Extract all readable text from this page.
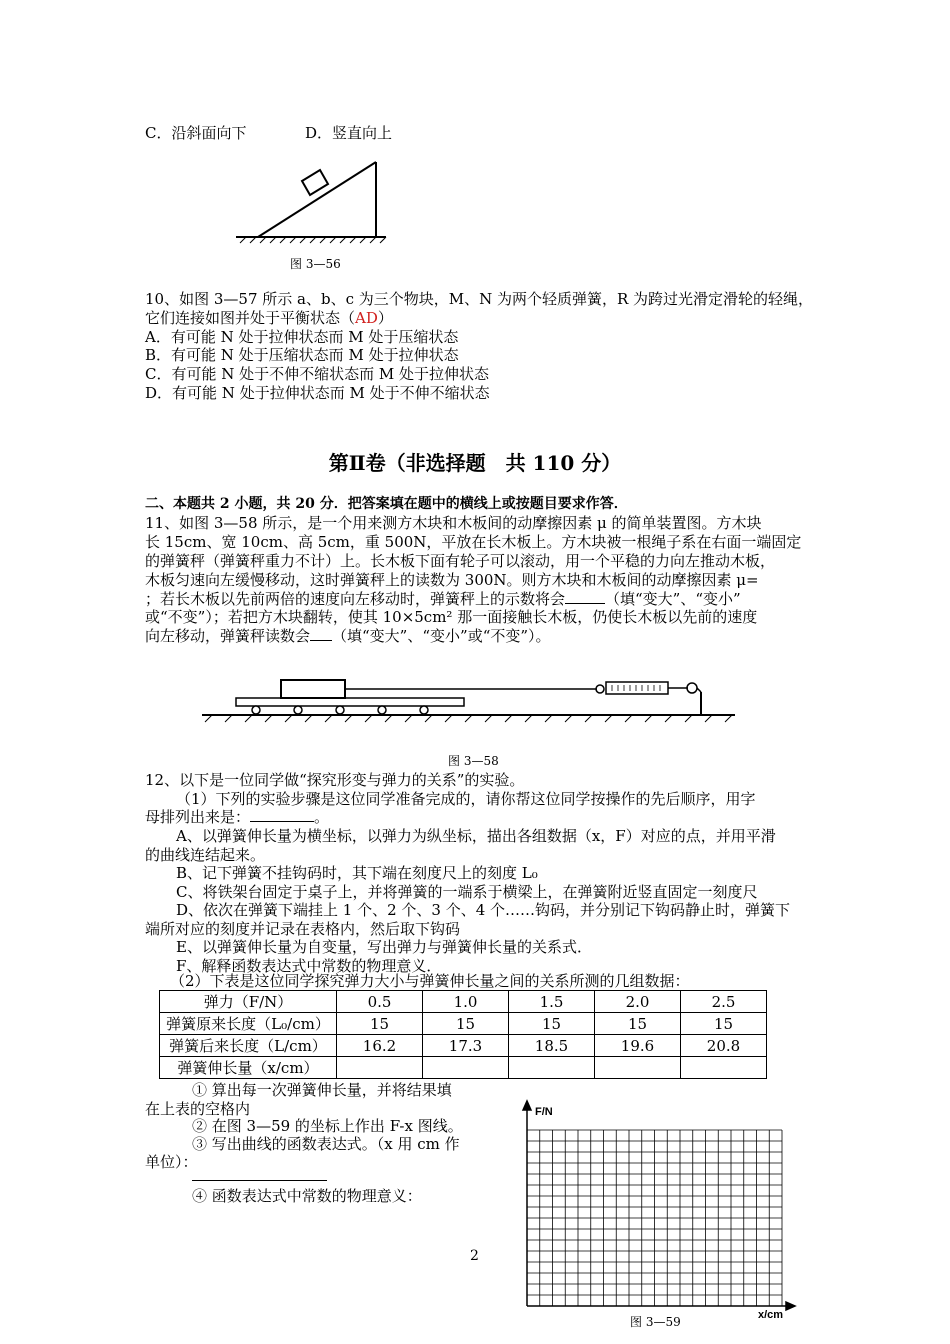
C．沿斜面向下	D．竖直向上
图 3—56
10、如图 3—57 所示 a、b、c 为三个物块，M、N 为两个轻质弹簧，R 为跨过光滑定滑轮的轻绳，
它们连接如图并处于平衡状态（AD）
A．有可能 N 处于拉伸状态而 M 处于压缩状态
B．有可能 N 处于压缩状态而 M 处于拉伸状态
C．有可能 N 处于不伸不缩状态而 M 处于拉伸状态
D．有可能 N 处于拉伸状态而 M 处于不伸不缩状态
第Ⅱ卷（非选择题　共 110 分）
二、本题共 2 小题，共 20 分．把答案填在题中的横线上或按题目要求作答．
11、如图 3—58 所示，是一个用来测方木块和木板间的动摩擦因素 μ 的简单装置图。方木块
长 15cm、宽 10cm、高 5cm，重 500N，平放在长木板上。方木块被一根绳子系在右面一端固定
的弹簧秤（弹簧秤重力不计）上。长木板下面有轮子可以滚动，用一个平稳的力向左推动木板，
木板匀速向左缓慢移动，这时弹簧秤上的读数为 300N。则方木块和木板间的动摩擦因素 μ=
；若长木板以先前两倍的速度向左移动时，弹簧秤上的示数将会	（填“变大”、“变小”
或“不变”）；若把方木块翻转，使其 10×5cm² 那一面接触长木板，仍使长木板以先前的速度
向左移动，弹簧秤读数会 （填“变大”、“变小”或“不变”）。
图 3—58
12、以下是一位同学做“探究形变与弹力的关系”的实验。
（1）下列的实验步骤是这位同学准备完成的，请你帮这位同学按操作的先后顺序，用字
母排列出来是：	。
A、以弹簧伸长量为横坐标，以弹力为纵坐标，描出各组数据（x，F）对应的点，并用平滑
的曲线连结起来。
B、记下弹簧不挂钩码时，其下端在刻度尺上的刻度 L₀
C、将铁架台固定于桌子上，并将弹簧的一端系于横梁上，在弹簧附近竖直固定一刻度尺
D、依次在弹簧下端挂上 1 个、2 个、3 个、4 个……钩码，并分别记下钩码静止时，弹簧下
端所对应的刻度并记录在表格内，然后取下钩码
E、以弹簧伸长量为自变量，写出弹力与弹簧伸长量的关系式．
F、解释函数表达式中常数的物理意义．
（2）下表是这位同学探究弹力大小与弹簧伸长量之间的关系所测的几组数据：
弹力（F/N）	0.5	1.0	1.5	2.0	2.5
弹簧原来长度（L₀/cm）	15	15	15	15	15
弹簧后来长度（L/cm）	16.2	17.3	18.5	19.6	20.8
弹簧伸长量（x/cm）					
① 算出每一次弹簧伸长量，并将结果填
在上表的空格内
② 在图 3—59 的坐标上作出 F-x 图线。
③ 写出曲线的函数表达式。（x 用 cm 作
单位）：
④ 函数表达式中常数的物理意义：
2
F/N
x/cm
图 3—59
